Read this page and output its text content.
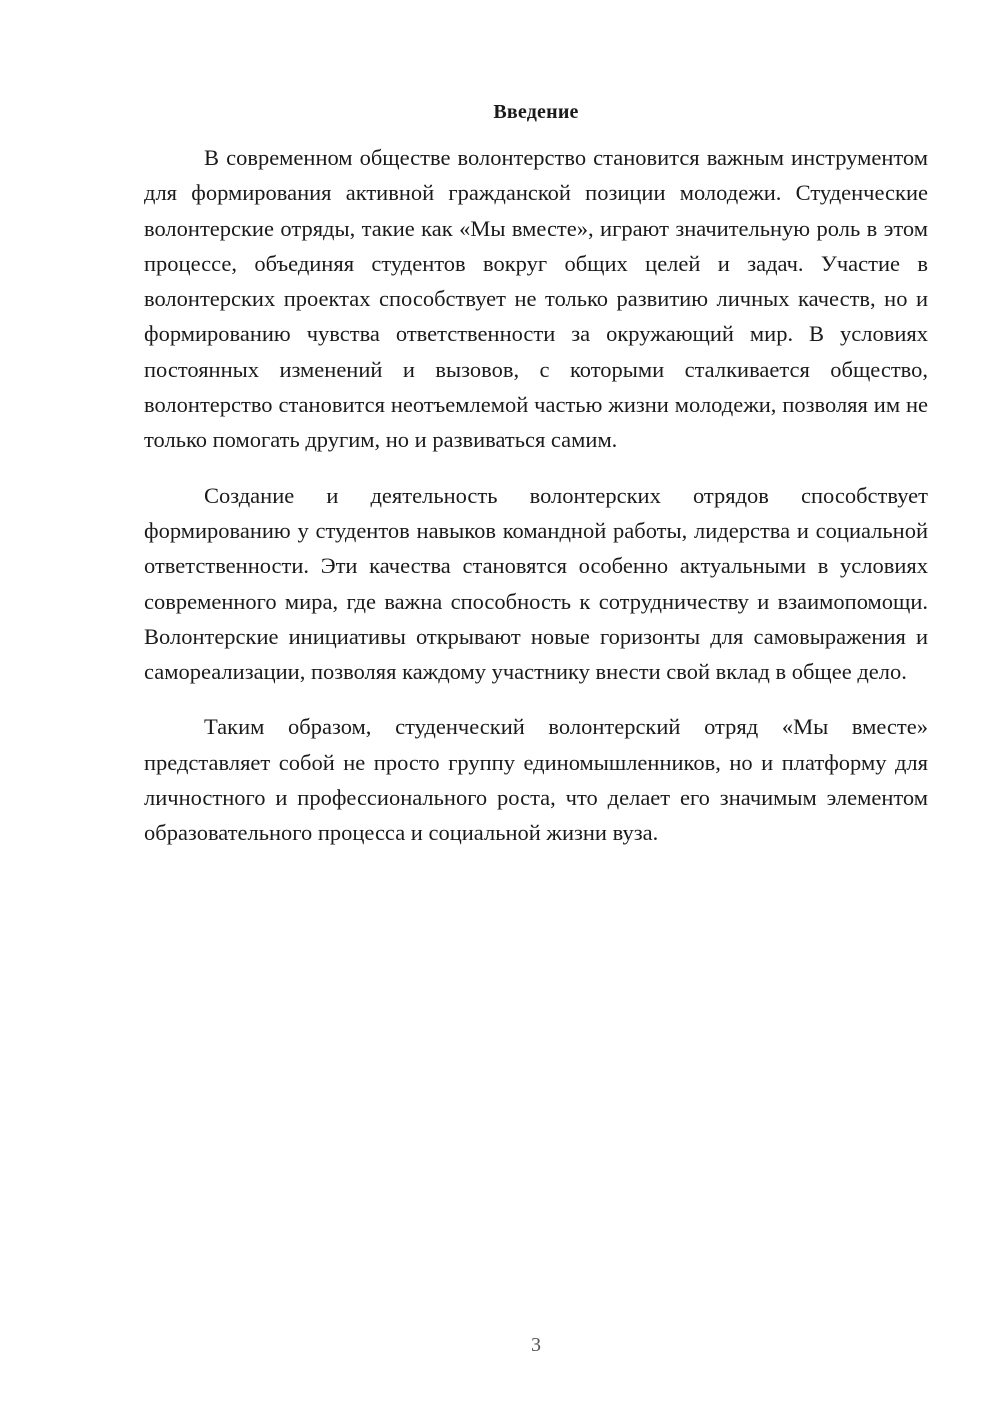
Введение

В современном обществе волонтерство становится важным инструментом для формирования активной гражданской позиции молодежи. Студенческие волонтерские отряды, такие как «Мы вместе», играют значительную роль в этом процессе, объединяя студентов вокруг общих целей и задач. Участие в волонтерских проектах способствует не только развитию личных качеств, но и формированию чувства ответственности за окружающий мир. В условиях постоянных изменений и вызовов, с которыми сталкивается общество, волонтерство становится неотъемлемой частью жизни молодежи, позволяя им не только помогать другим, но и развиваться самим.

Создание и деятельность волонтерских отрядов способствует формированию у студентов навыков командной работы, лидерства и социальной ответственности. Эти качества становятся особенно актуальными в условиях современного мира, где важна способность к сотрудничеству и взаимопомощи. Волонтерские инициативы открывают новые горизонты для самовыражения и самореализации, позволяя каждому участнику внести свой вклад в общее дело.

Таким образом, студенческий волонтерский отряд «Мы вместе» представляет собой не просто группу единомышленников, но и платформу для личностного и профессионального роста, что делает его значимым элементом образовательного процесса и социальной жизни вуза.

3
